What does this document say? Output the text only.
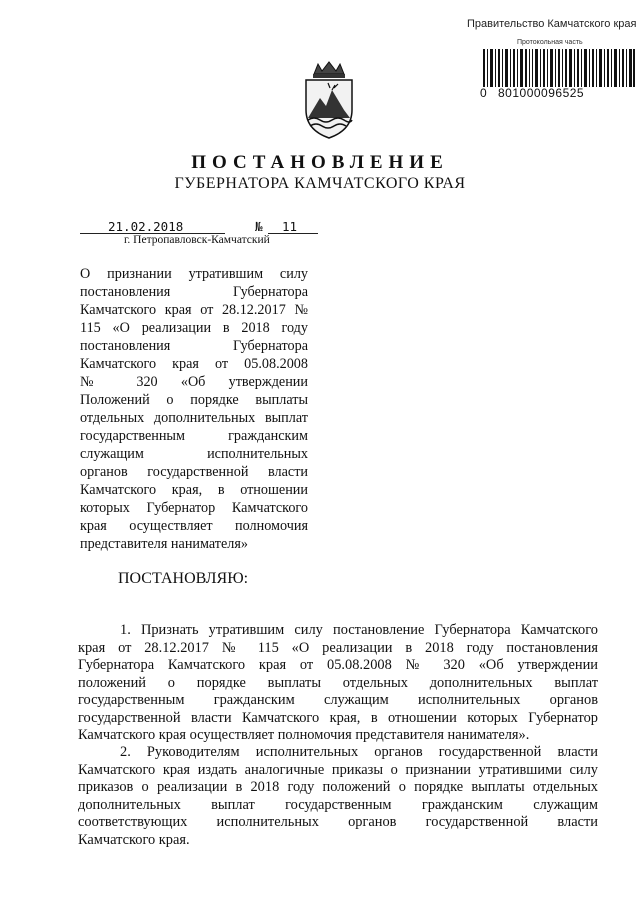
Правительство Камчатского края
Протокольная часть
0 801000096525
ПОСТАНОВЛЕНИЕ
ГУБЕРНАТОРА КАМЧАТСКОГО КРАЯ
21.02.2018	№ 11
г. Петропавловск-Камчатский
О признании утратившим силу
постановления Губернатора
Камчатского края от 28.12.2017 №
115 «О реализации в 2018 году
постановления Губернатора
Камчатского края от 05.08.2008
№ 320 «Об утверждении
Положений о порядке выплаты
отдельных дополнительных выплат
государственным гражданским
служащим исполнительных
органов государственной власти
Камчатского края, в отношении
которых Губернатор Камчатского
края осуществляет полномочия
представителя нанимателя»
ПОСТАНОВЛЯЮ:
1. Признать утратившим силу постановление Губернатора Камчатского
края от 28.12.2017 № 115 «О реализации в 2018 году постановления
Губернатора Камчатского края от 05.08.2008 № 320 «Об утверждении
положений о порядке выплаты отдельных дополнительных выплат
государственным гражданским служащим исполнительных органов
государственной власти Камчатского края, в отношении которых Губернатор
Камчатского края осуществляет полномочия представителя нанимателя».
2. Руководителям исполнительных органов государственной власти
Камчатского края издать аналогичные приказы о признании утратившими силу
приказов о реализации в 2018 году положений о порядке выплаты отдельных
дополнительных выплат государственным гражданским служащим
соответствующих исполнительных органов государственной власти
Камчатского края.
